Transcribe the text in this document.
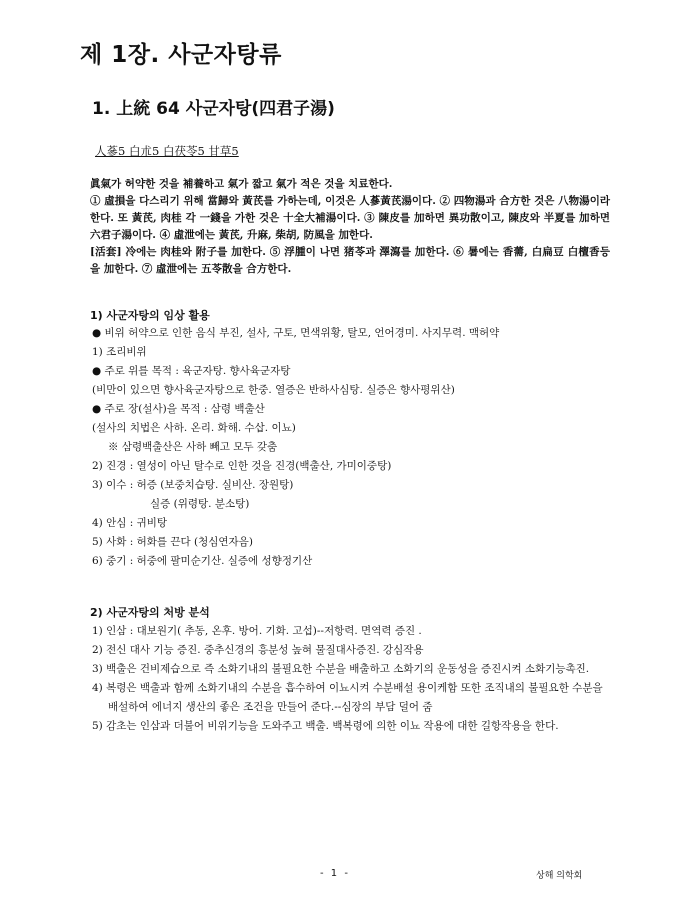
제 1장. 사군자탕류
1. 上統 64 사군자탕(四君子湯)

人蔘5 白朮5 白茯苓5 甘草5

眞氣가 허약한 것을 補養하고 氣가 짧고 氣가 적은 것을 치료한다.

① 虛損을 다스리기 위해 當歸와 黃芪를 가하는데, 이것은 人蔘黃芪湯이다. ② 四物湯과 合方한 것은 八物湯이라 한다. 또 黃芪, 肉桂 각 一錢을 가한 것은 十全大補湯이다. ③ 陳皮를 加하면 異功散이고, 陳皮와 半夏를 加하면 六君子湯이다. ④ 虛泄에는 黃芪, 升麻, 柴胡, 防風을 加한다.

[活套] 冷에는 肉桂와 附子를 加한다. ⑤ 浮腫이 나면 猪苓과 澤瀉를 加한다. ⑥ 暑에는 香薷, 白扁豆 白檀香등을 加한다. ⑦ 虛泄에는 五苓散을 合方한다.

1) 사군자탕의 임상 활용
● 비위 허약으로 인한 음식 부진, 설사, 구토, 면색위황, 탈모, 언어경미. 사지무력. 맥허약
1) 조리비위
● 주로 위를 목적 : 육군자탕. 향사육군자탕
(비만이 있으면 향사육군자탕으로 한중. 열증은 반하사심탕. 실증은 향사평위산)
● 주로 장(설사)을 목적 : 삼령 백출산
(설사의 치법은 사하. 온리. 화해. 수삽. 이뇨)
※ 삼령백출산은 사하 빼고 모두 갖춤
2) 진경 : 열성이 아닌 탈수로 인한 것을 진경(백출산, 가미이중탕)
3) 이수 : 허증 (보중치습탕. 실비산. 장원탕)
실증 (위령탕. 분소탕)
4) 안심 : 귀비탕
5) 사화 : 허화를 끈다 (청심연자음)
6) 중기 : 허중에 팔미순기산. 실증에 성향정기산
2) 사군자탕의 처방 분석
1) 인삼 : 대보원기( 추동, 온후. 방어. 기화. 고섭)--저항력. 면역력 증진 .
2) 전신 대사 기능 증진. 중추신경의 흥분성 높혀 물질대사증진. 강심작용
3) 백출은 건비제습으로 즉 소화기내의 불필요한 수분을 배출하고 소화기의 운동성을 증진시켜 소화기능촉진.
4) 복령은 백출과 함께 소화기내의 수분을 흡수하여 이뇨시켜 수분배설 용이케함 또한 조직내의 불필요한 수분을 배설하여 에너지 생산의 좋은 조건을 만들어 준다.--심장의 부담 덜어 줌
5) 감초는 인삼과 더불어 비위기능을 도와주고 백출. 백복령에 의한 이뇨 작용에 대한 길항작용을 한다.

- 1 -	상해 의학회
